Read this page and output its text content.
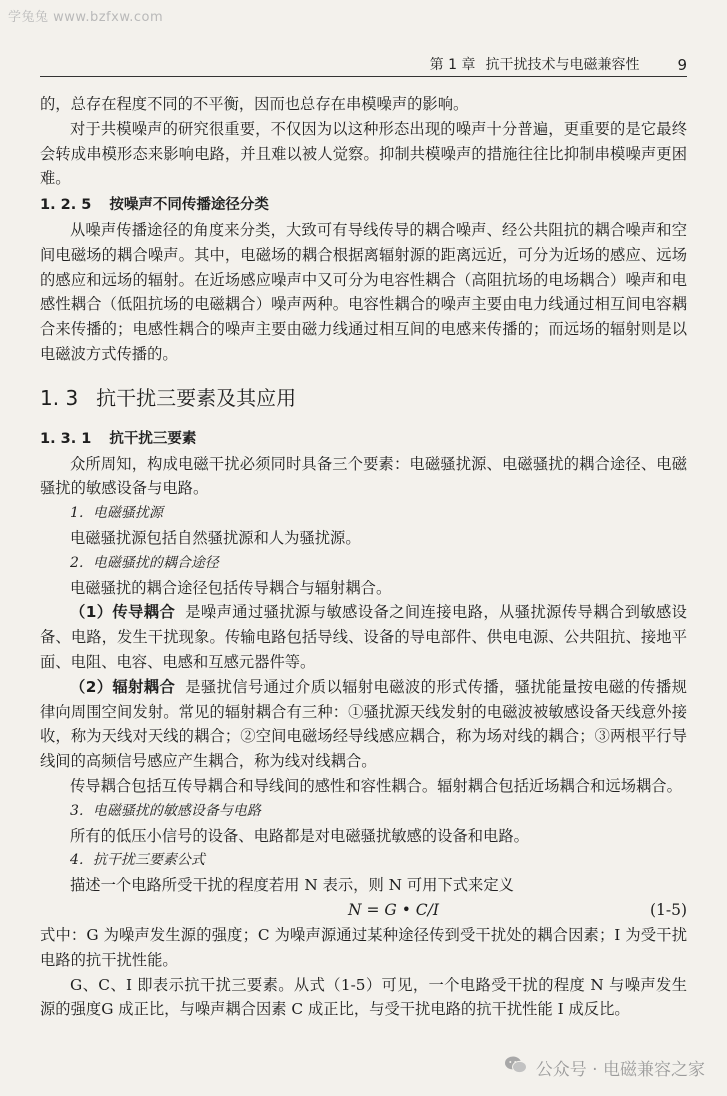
学兔兔 www.bzfxw.com
第 1 章 抗干扰技术与电磁兼容性	9

的，总存在程度不同的不平衡，因而也总存在串模噪声的影响。

对于共模噪声的研究很重要，不仅因为以这种形态出现的噪声十分普遍，更重要的是它最终会转成串模形态来影响电路，并且难以被人觉察。抑制共模噪声的措施往往比抑制串模噪声更困难。

1. 2. 5 按噪声不同传播途径分类

从噪声传播途径的角度来分类，大致可有导线传导的耦合噪声、经公共阻抗的耦合噪声和空间电磁场的耦合噪声。其中，电磁场的耦合根据离辐射源的距离远近，可分为近场的感应、远场的感应和远场的辐射。在近场感应噪声中又可分为电容性耦合（高阻抗场的电场耦合）噪声和电感性耦合（低阻抗场的电磁耦合）噪声两种。电容性耦合的噪声主要由电力线通过相互间电容耦合来传播的；电感性耦合的噪声主要由磁力线通过相互间的电感来传播的；而远场的辐射则是以电磁波方式传播的。

1. 3 抗干扰三要素及其应用
1. 3. 1 抗干扰三要素

众所周知，构成电磁干扰必须同时具备三个要素：电磁骚扰源、电磁骚扰的耦合途径、电磁骚扰的敏感设备与电路。

1．电磁骚扰源

电磁骚扰源包括自然骚扰源和人为骚扰源。

2．电磁骚扰的耦合途径

电磁骚扰的耦合途径包括传导耦合与辐射耦合。

（1）传导耦合 是噪声通过骚扰源与敏感设备之间连接电路，从骚扰源传导耦合到敏感设备、电路，发生干扰现象。传输电路包括导线、设备的导电部件、供电电源、公共阻抗、接地平面、电阻、电容、电感和互感元器件等。

（2）辐射耦合 是骚扰信号通过介质以辐射电磁波的形式传播，骚扰能量按电磁的传播规律向周围空间发射。常见的辐射耦合有三种：①骚扰源天线发射的电磁波被敏感设备天线意外接收，称为天线对天线的耦合；②空间电磁场经导线感应耦合，称为场对线的耦合；③两根平行导线间的高频信号感应产生耦合，称为线对线耦合。

传导耦合包括互传导耦合和导线间的感性和容性耦合。辐射耦合包括近场耦合和远场耦合。

3．电磁骚扰的敏感设备与电路

所有的低压小信号的设备、电路都是对电磁骚扰敏感的设备和电路。

4．抗干扰三要素公式

描述一个电路所受干扰的程度若用 N 表示，则 N 可用下式来定义

N = G • C/I	(1-5)

式中：G 为噪声发生源的强度；C 为噪声源通过某种途径传到受干扰处的耦合因素；I 为受干扰电路的抗干扰性能。

G、C、I 即表示抗干扰三要素。从式（1-5）可见，一个电路受干扰的程度 N 与噪声发生源的强度G 成正比，与噪声耦合因素 C 成正比，与受干扰电路的抗干扰性能 I 成反比。

公众号 · 电磁兼容之家
